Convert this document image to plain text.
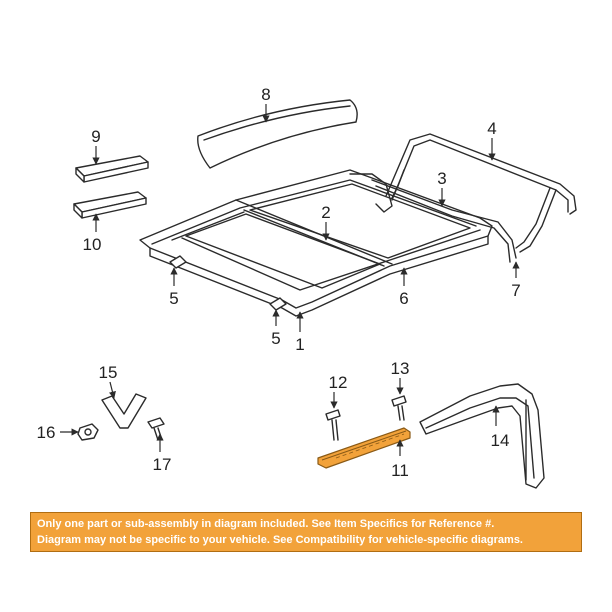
8
9
10
2
3
4
5
5 1
6	7
12
13
11
14
15
16
17
Only one part or sub-assembly in diagram included. See Item Specifics for Reference #.
Diagram may not be specific to your vehicle. See Compatibility for vehicle-specific diagrams.
